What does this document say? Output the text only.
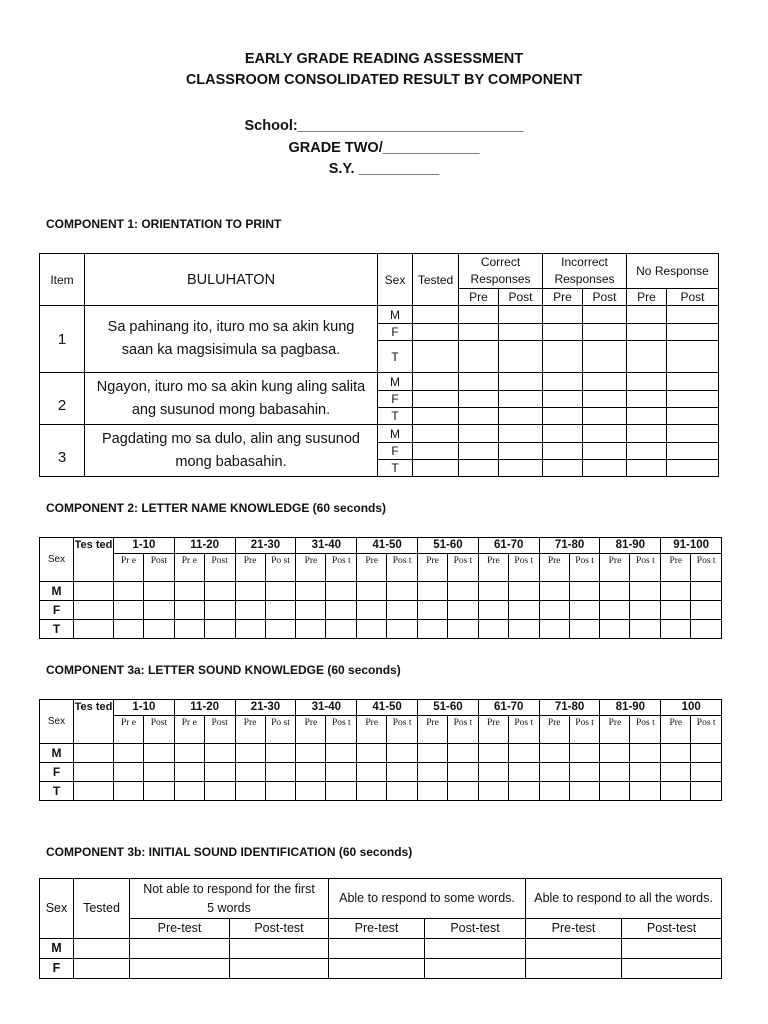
EARLY GRADE READING ASSESSMENT
CLASSROOM CONSOLIDATED RESULT BY COMPONENT
School:____________________________
GRADE TWO/____________
S.Y. __________
COMPONENT 1: ORIENTATION TO PRINT
Item	BULUHATON	Sex	Tested	Correct Responses		Incorrect Responses		No Response	
				Pre	Post	Pre	Post	Pre	Post
1	Sa pahinang ito, ituro mo sa akin kung saan ka magsisimula sa pagbasa.	M							
		F							
		T							
2	Ngayon, ituro mo sa akin kung aling salita ang susunod mong babasahin.	M							
		F							
		T							
3	Pagdating mo sa dulo, alin ang susunod mong babasahin.	M							
		F							
		T							
COMPONENT 2: LETTER NAME KNOWLEDGE (60 seconds)
Sex	Tes ted	1-10		11-20		21-30		31-40		41-50		51-60		61-70		71-80		81-90		91-100	
		Pr e	Post	Pr e	Post	Pre	Po st	Pre	Pos t	Pre	Pos t	Pre	Pos t	Pre	Pos t	Pre	Pos t	Pre	Pos t	Pre	Pos t
M																					
F																					
T																					
COMPONENT 3a: LETTER SOUND KNOWLEDGE (60 seconds)
Sex	Tes ted	1-10		11-20		21-30		31-40		41-50		51-60		61-70		71-80		81-90		100	
		Pr e	Post	Pr e	Post	Pre	Po st	Pre	Pos t	Pre	Pos t	Pre	Pos t	Pre	Pos t	Pre	Pos t	Pre	Pos t	Pre	Pos t
M																					
F																					
T																					
COMPONENT 3b: INITIAL SOUND IDENTIFICATION (60 seconds)
Sex	Tested	Not able to respond for the first 5 words		Able to respond to some words.		Able to respond to all the words.	
		Pre-test	Post-test	Pre-test	Post-test	Pre-test	Post-test
M							
F							
